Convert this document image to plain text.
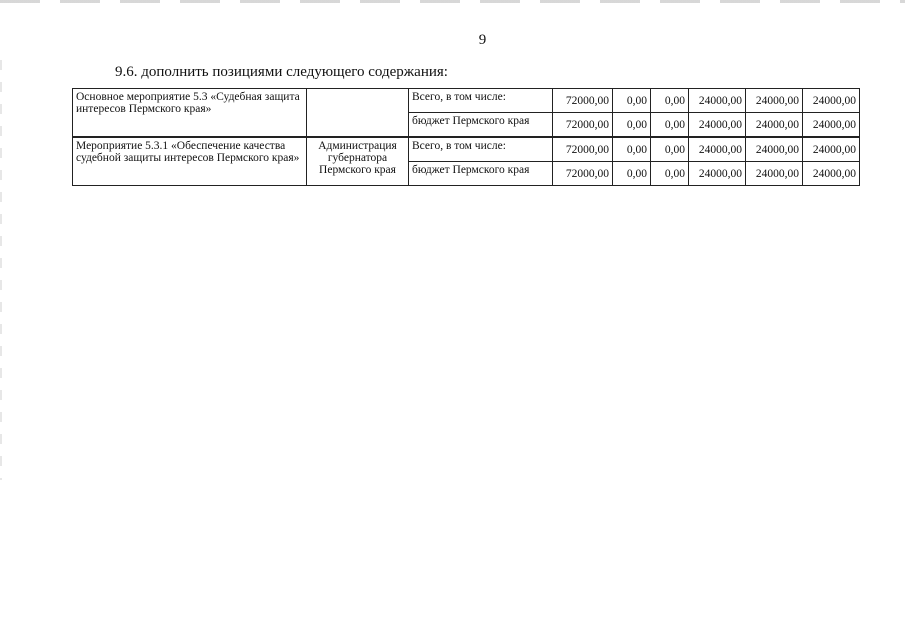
9
9.6. дополнить позициями следующего содержания:
Основное мероприятие 5.3 «Судебная защита интересов Пермского края»		Всего, в том числе:	72000,00	0,00	0,00	24000,00	24000,00	24000,00
		бюджет Пермского края	72000,00	0,00	0,00	24000,00	24000,00	24000,00
Мероприятие 5.3.1 «Обеспечение качества судебной защиты интересов Пермского края»	Администрация губернатора Пермского края	Всего, в том числе:	72000,00	0,00	0,00	24000,00	24000,00	24000,00
		бюджет Пермского края	72000,00	0,00	0,00	24000,00	24000,00	24000,00
